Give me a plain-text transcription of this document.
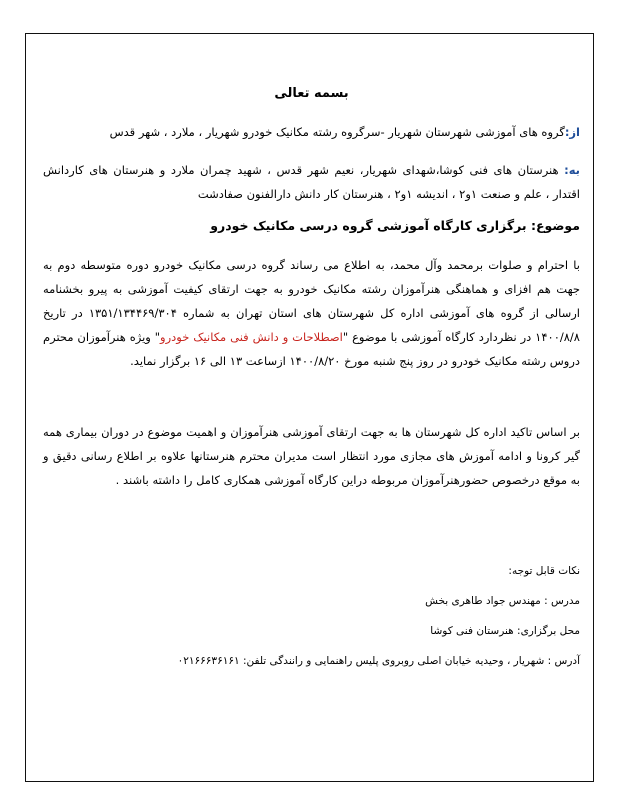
بسمه تعالی
از:گروه های آموزشی شهرستان شهریار -سرگروه رشته مکانیک خودرو شهریار ، ملارد ، شهر قدس
به: هنرستان های فنی کوشا،شهدای شهریار، نعیم شهر قدس ، شهید چمران ملارد و هنرستان های کاردانش اقتدار ، علم و صنعت ۱و۲ ، اندیشه ۱و۲ ، هنرستان کار دانش دارالفنون صفادشت
موضوع: برگزاری کارگاه آموزشی گروه درسی مکانیک خودرو
با احترام و صلوات برمحمد وآل محمد، به اطلاع می رساند گروه درسی مکانیک خودرو دوره متوسطه دوم به جهت هم افزای و هماهنگی هنرآموزان رشته مکانیک خودرو به جهت ارتقای کیفیت آموزشی به پیرو بخشنامه ارسالی از گروه های آموزشی اداره کل شهرستان های استان تهران به شماره ۱۳۵۱/۱۳۴۴۶۹/۳۰۴ در تاریخ ۱۴۰۰/۸/۸ در نظردارد کارگاه آموزشی با موضوع "اصطلاحات و دانش فنی مکانیک خودرو" ویژه هنرآموزان محترم دروس رشته مکانیک خودرو در روز پنج شنبه مورخ ۱۴۰۰/۸/۲۰ ازساعت ۱۳ الی ۱۶ برگزار نماید.
بر اساس تاکید اداره کل شهرستان ها به جهت ارتقای آموزشی هنرآموزان و اهمیت موضوع در دوران بیماری همه گیر کرونا و ادامه آموزش های مجازی مورد انتظار است مدیران محترم هنرستانها علاوه بر اطلاع رسانی دقیق و به موقع درخصوص حضورهنرآموزان مربوطه دراین کارگاه آموزشی همکاری کامل را داشته باشند .
نکات قابل توجه:
مدرس : مهندس جواد طاهری بخش
محل برگزاری: هنرستان فنی کوشا
آدرس : شهریار ، وحیدیه خیابان اصلی روبروی پلیس راهنمایی و رانندگی تلفن: ۰۲۱۶۶۶۳۶۱۶۱
